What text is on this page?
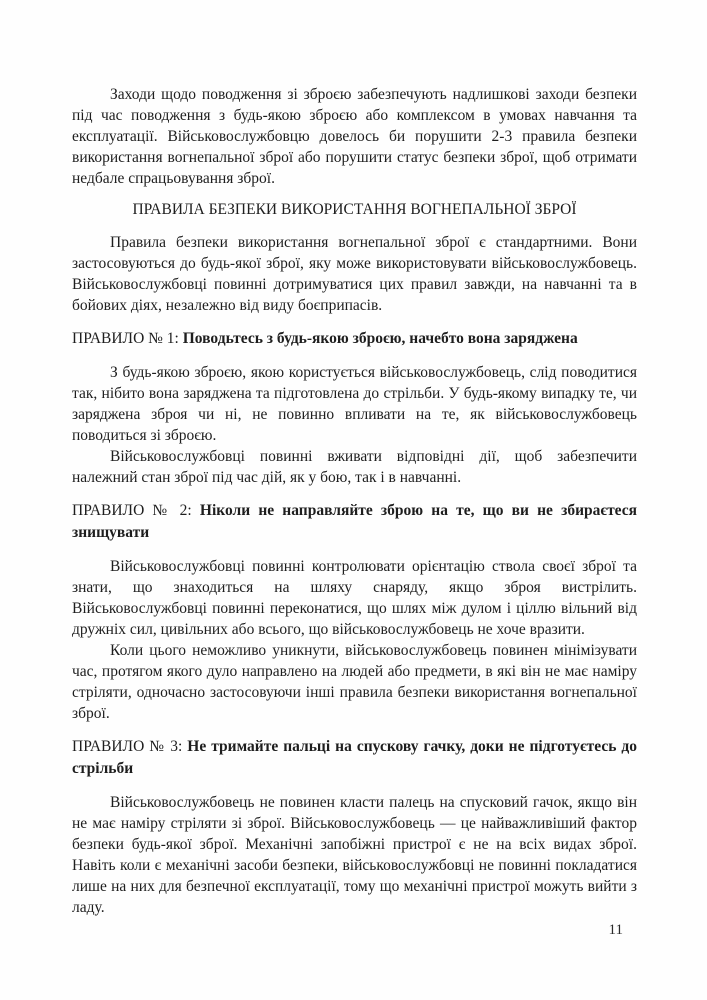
Заходи щодо поводження зі зброєю забезпечують надлишкові заходи безпеки під час поводження з будь-якою зброєю або комплексом в умовах навчання та експлуатації. Військовослужбовцю довелось би порушити 2-3 правила безпеки використання вогнепальної зброї або порушити статус безпеки зброї, щоб отримати недбале спрацьовування зброї.

ПРАВИЛА БЕЗПЕКИ ВИКОРИСТАННЯ ВОГНЕПАЛЬНОЇ ЗБРОЇ

Правила безпеки використання вогнепальної зброї є стандартними. Вони застосовуються до будь-якої зброї, яку може використовувати військовослужбовець. Військовослужбовці повинні дотримуватися цих правил завжди, на навчанні та в бойових діях, незалежно від виду боєприпасів.

ПРАВИЛО № 1: Поводьтесь з будь-якою зброєю, начебто вона заряджена

З будь-якою зброєю, якою користується військовослужбовець, слід поводитися так, нібито вона заряджена та підготовлена до стрільби. У будь-якому випадку те, чи заряджена зброя чи ні, не повинно впливати на те, як військовослужбовець поводиться зі зброєю.

Військовослужбовці повинні вживати відповідні дії, щоб забезпечити належний стан зброї під час дій, як у бою, так і в навчанні.

ПРАВИЛО № 2: Ніколи не направляйте зброю на те, що ви не збираєтеся знищувати

Військовослужбовці повинні контролювати орієнтацію ствола своєї зброї та знати, що знаходиться на шляху снаряду, якщо зброя вистрілить. Військовослужбовці повинні переконатися, що шлях між дулом і ціллю вільний від дружніх сил, цивільних або всього, що військовослужбовець не хоче вразити.

Коли цього неможливо уникнути, військовослужбовець повинен мінімізувати час, протягом якого дуло направлено на людей або предмети, в які він не має наміру стріляти, одночасно застосовуючи інші правила безпеки використання вогнепальної зброї.

ПРАВИЛО № 3: Не тримайте пальці на спускову гачку, доки не підготуєтесь до стрільби

Військовослужбовець не повинен класти палець на спусковий гачок, якщо він не має наміру стріляти зі зброї. Військовослужбовець — це найважливіший фактор безпеки будь-якої зброї. Механічні запобіжні пристрої є не на всіх видах зброї. Навіть коли є механічні засоби безпеки, військовослужбовці не повинні покладатися лише на них для безпечної експлуатації, тому що механічні пристрої можуть вийти з ладу.

11
